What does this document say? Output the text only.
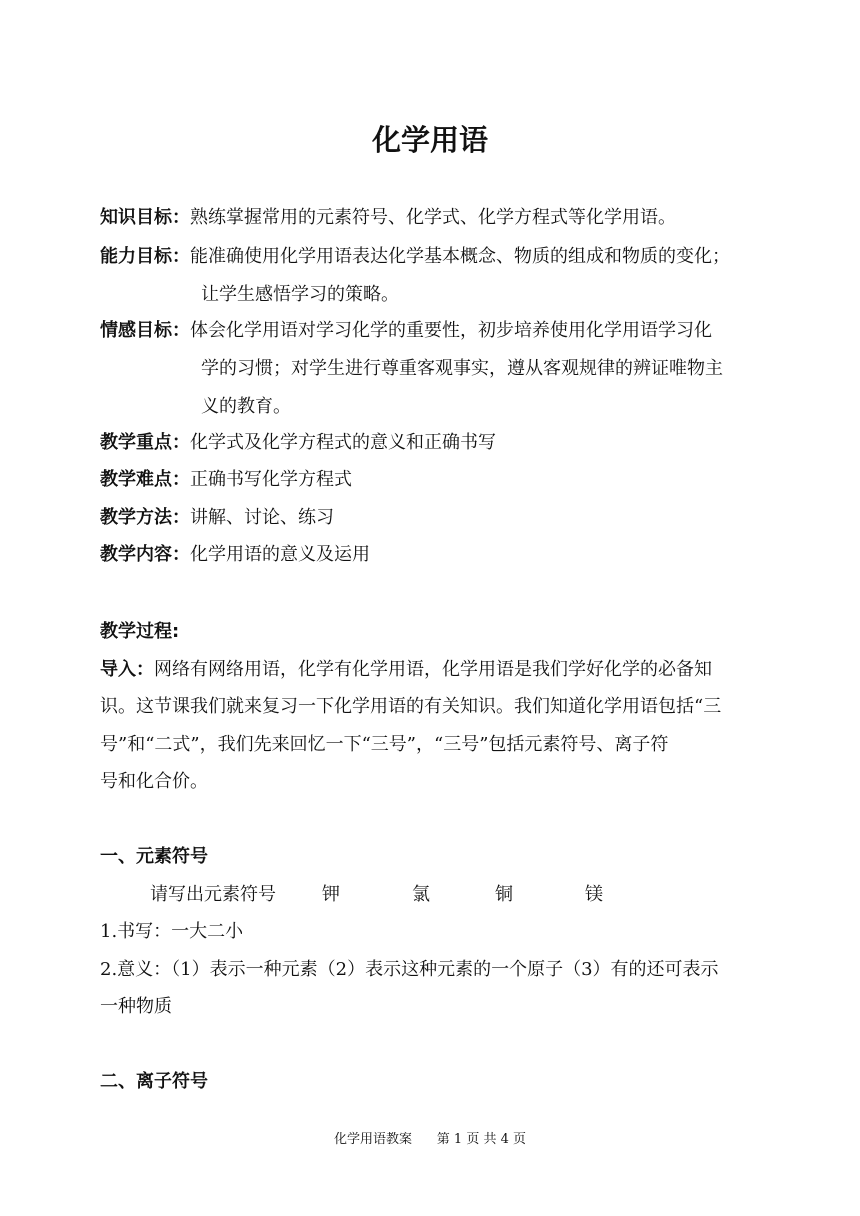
化学用语
知识目标：熟练掌握常用的元素符号、化学式、化学方程式等化学用语。
能力目标：能准确使用化学用语表达化学基本概念、物质的组成和物质的变化；
让学生感悟学习的策略。
情感目标：体会化学用语对学习化学的重要性，初步培养使用化学用语学习化
学的习惯；对学生进行尊重客观事实，遵从客观规律的辨证唯物主
义的教育。
教学重点：化学式及化学方程式的意义和正确书写
教学难点：正确书写化学方程式
教学方法：讲解、讨论、练习
教学内容：化学用语的意义及运用
教学过程:
导入：网络有网络用语，化学有化学用语，化学用语是我们学好化学的必备知
识。这节课我们就来复习一下化学用语的有关知识。我们知道化学用语包括“三
号”和“二式”，我们先来回忆一下“三号”，“三号”包括元素符号、离子符
号和化合价。
一、元素符号
请写出元素符号	钾	氯	铜	镁
1.书写：一大二小
2.意义：（1）表示一种元素（2）表示这种元素的一个原子（3）有的还可表示
一种物质
二、离子符号
化学用语教案 第 1 页 共 4 页
